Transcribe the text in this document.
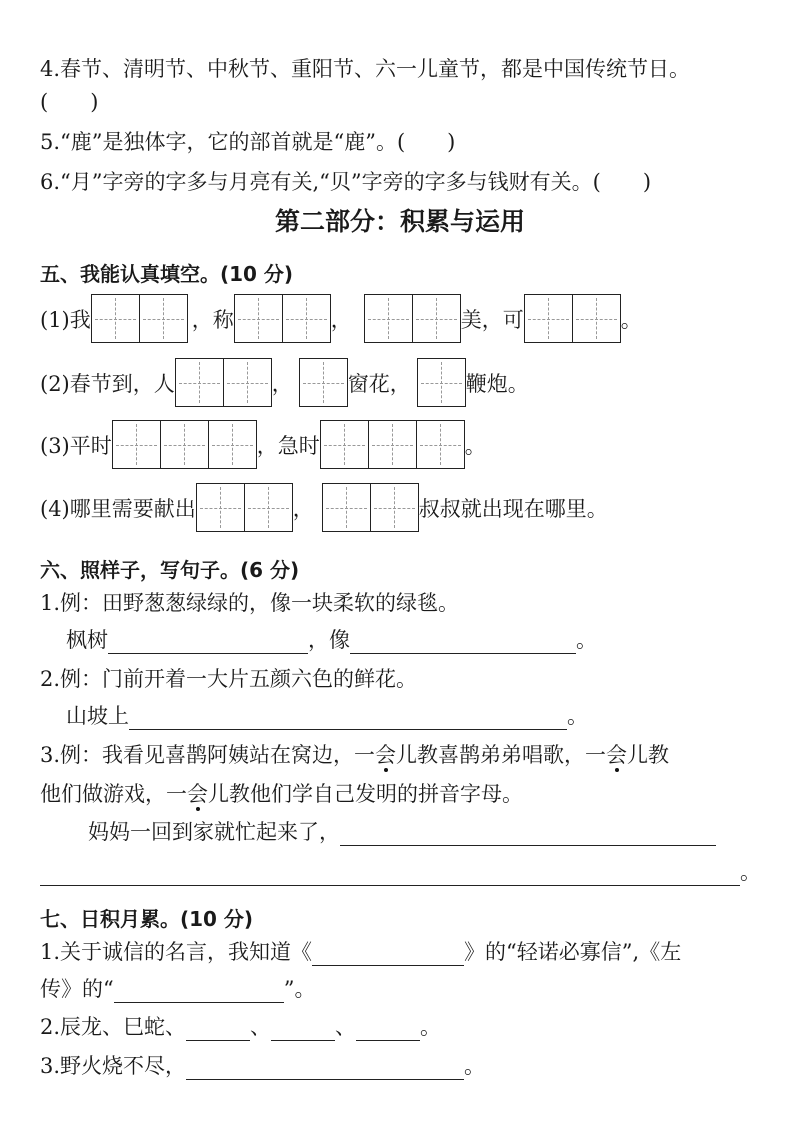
4.春节、清明节、中秋节、重阳节、六一儿童节，都是中国传统节日。
(　　)
5.“鹿”是独体字，它的部首就是“鹿”。(　　)
6.“月”字旁的字多与月亮有关,“贝”字旁的字多与钱财有关。(　　)
第二部分：积累与运用
五、我能认真填空。(10 分)
(1)我	，称	，	美，可	。
(2)春节到，人	，	窗花，	鞭炮。
(3)平时	，急时	。
(4)哪里需要献出	，	叔叔就出现在哪里。
六、照样子，写句子。(6 分)
1.例：田野葱葱绿绿的，像一块柔软的绿毯。
枫树	，像	。
2.例：门前开着一大片五颜六色的鲜花。
山坡上	。
3.例：我看见喜鹊阿姨站在窝边，一会儿教喜鹊弟弟唱歌，一会儿教
他们做游戏，一会儿教他们学自己发明的拼音字母。
妈妈一回到家就忙起来了，
。
七、日积月累。(10 分)
1.关于诚信的名言，我知道《	》的“轻诺必寡信”,《左
传》的“	”。
2.辰龙、巳蛇、	、	、	。
3.野火烧不尽，	。
